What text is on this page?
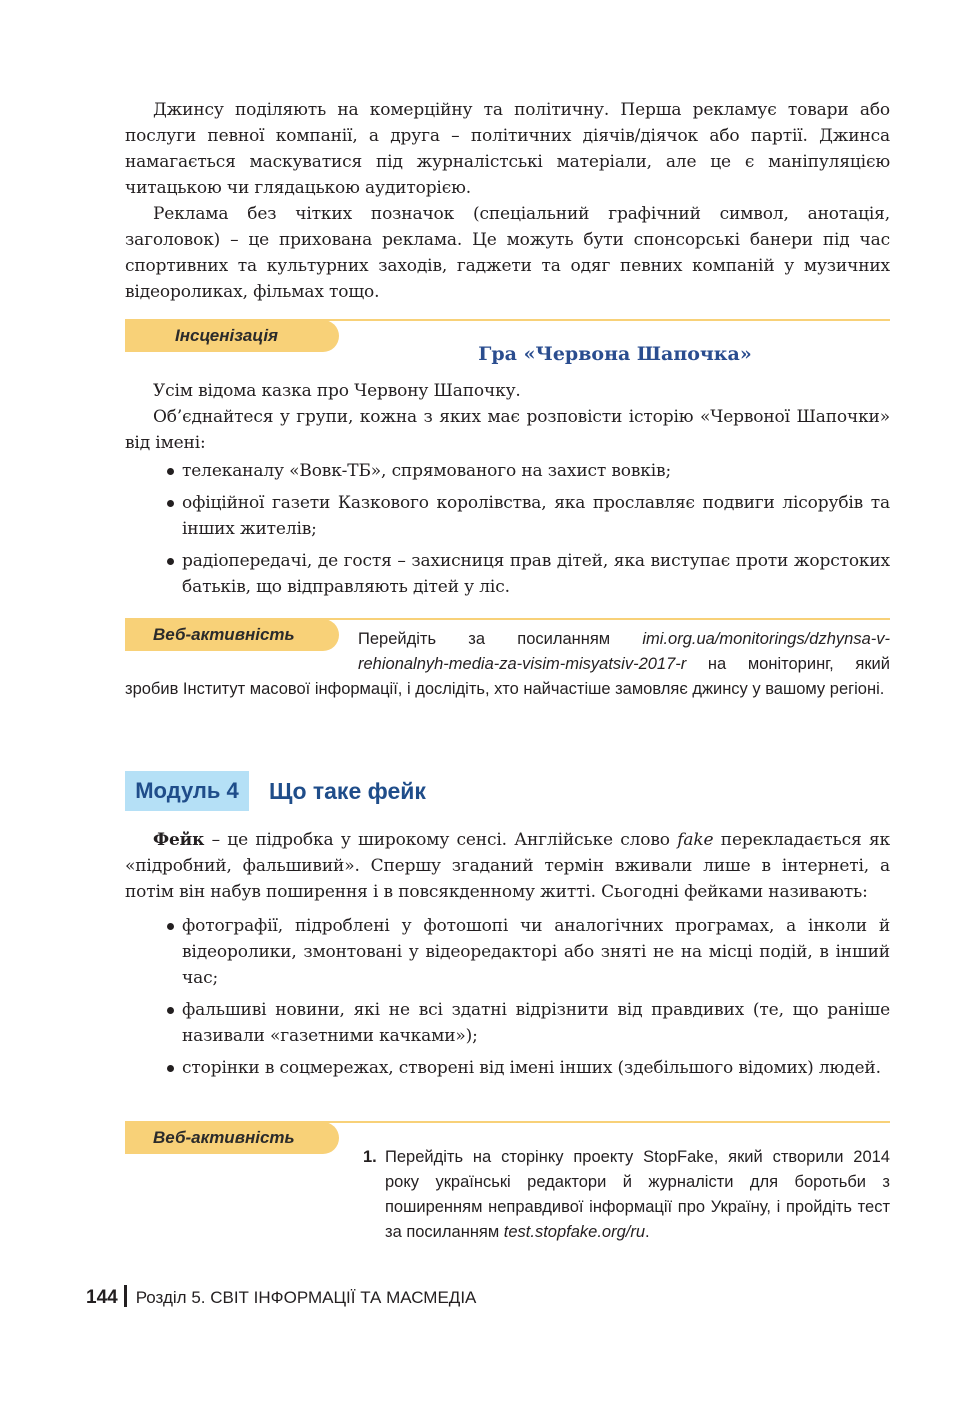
Джинсу поділяють на комерційну та політичну. Перша рекламує товари або послуги певної компанії, а друга – політичних діячів/діячок або партії. Джинса намагається маскуватися під журналістські матеріали, але це є маніпуляцією читацькою чи глядацькою аудиторією.

Реклама без чітких позначок (спеціальний графічний символ, анотація, заголовок) – це прихована реклама. Це можуть бути спонсорські банери під час спортивних та культурних заходів, гаджети та одяг певних компаній у музичних відеороликах, фільмах тощо.

Інсценізація
Гра «Червона Шапочка»

Усім відома казка про Червону Шапочку.

Об’єднайтеся у групи, кожна з яких має розповісти історію «Червоної Шапочки» від імені:

телеканалу «Вовк-ТБ», спрямованого на захист вовків;
офіційної газети Казкового королівства, яка прославляє подвиги лісорубів та інших жителів;
радіопередачі, де гостя – захисниця прав дітей, яка виступає проти жорстоких батьків, що відправляють дітей у ліс.
Веб-активність	Перейдіть за посиланням imi.org.ua/monitorings/dzhynsa-v-rehionalnyh-media-za-visim-misyatsiv-2017-r на моніторинг, який зробив Інститут масової інформації, і дослідіть, хто найчастіше замовляє джинсу у вашому регіоні.
Модуль 4	Що таке фейк

Фейк – це підробка у широкому сенсі. Англійське слово fake перекладається як «підробний, фальшивий». Спершу згаданий термін вживали лише в інтернеті, а потім він набув поширення і в повсякденному житті. Сьогодні фейками називають:

фотографії, підроблені у фотошопі чи аналогічних програмах, а інколи й відеоролики, змонтовані у відеоредакторі або зняті не на місці подій, в інший час;
фальшиві новини, які не всі здатні відрізнити від правдивих (те, що раніше називали «газетними качками»);
сторінки в соцмережах, створені від імені інших (здебільшого відомих) людей.
Веб-активність
1. Перейдіть на сторінку проекту StopFake, який створили 2014 року українські редактори й журналісти для боротьби з поширенням неправдивої інформації про Україну, і пройдіть тест за посиланням test.stopfake.org/ru.
144 Розділ 5. СВІТ ІНФОРМАЦІЇ ТА МАСМЕДІА
